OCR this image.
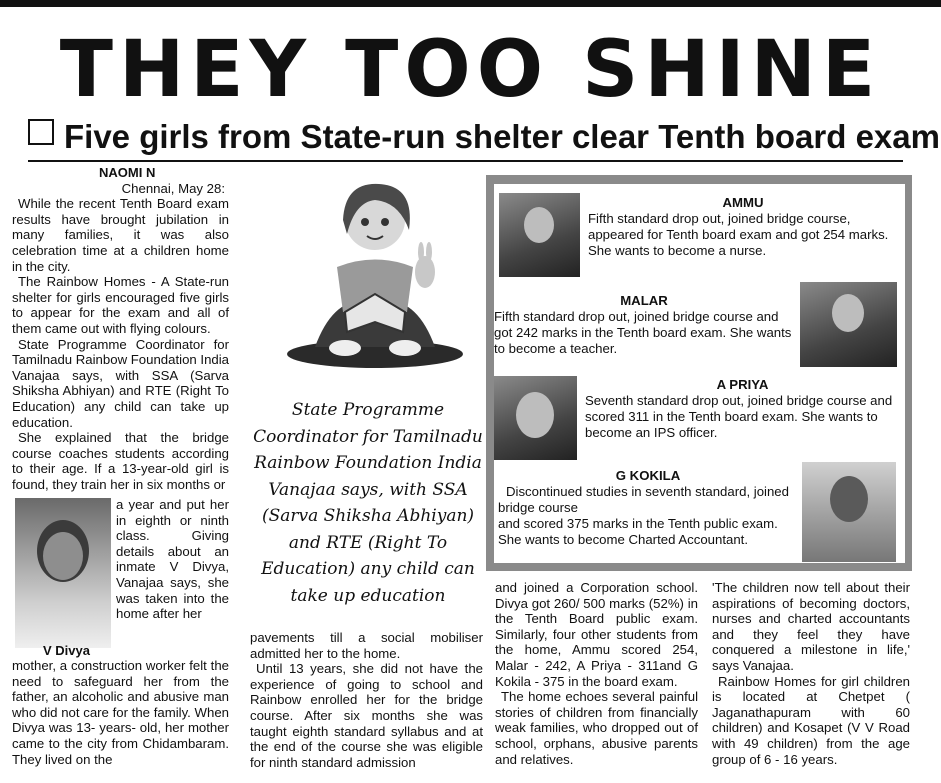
THEY TOO SHINE
Five girls from State-run shelter clear Tenth board exam
NAOMI N
Chennai, May 28:

While the recent Tenth Board exam results have brought jubilation in many families, it was also celebration time at a children home in the city.

The Rainbow Homes - A State-run shelter for girls encouraged five girls to appear for the exam and all of them came out with flying colours.

State Programme Coordinator for Tamilnadu Rainbow Foundation India Vanajaa says, with SSA (Sarva Shiksha Abhiyan) and RTE (Right To Education) any child can take up education.

She explained that the bridge course coaches students according to their age. If a 13-year-old girl is found, they train her in six months or

V Divya
a year and put her in eighth or ninth class. Giving details about an inmate V Divya, Vanajaa says, she was taken into the home after her

mother, a construction worker felt the need to safeguard her from the father, an alcoholic and abusive man who did not care for the family. When Divya was 13- years- old, her mother came to the city from Chidambaram. They lived on the

State Programme Coordinator for Tamilnadu Rainbow Foundation India Vanajaa says, with SSA (Sarva Shiksha Abhiyan) and RTE (Right To Education) any child can take up education

pavements till a social mobiliser admitted her to the home.

Until 13 years, she did not have the experience of going to school and Rainbow enrolled her for the bridge course. After six months she was taught eighth standard syllabus and at the end of the course she was eligible for ninth standard admission

AMMU
Fifth standard drop out, joined bridge course, appeared for Tenth board exam and got 254 marks. She wants to become a nurse.
MALAR
Fifth standard drop out, joined bridge course and got 242 marks in the Tenth board exam. She wants to become a teacher.
A PRIYA
Seventh standard drop out, joined bridge course and scored 311 in the Tenth board exam. She wants to become an IPS officer.
G KOKILA
Discontinued studies in seventh standard, joined bridge course
and scored 375 marks in the Tenth public exam. She wants to become Charted Accountant.

and joined a Corporation school. Divya got 260/ 500 marks (52%) in the Tenth Board public exam. Similarly, four other students from the home, Ammu scored 254, Malar - 242, A Priya - 311and G Kokila - 375 in the board exam.

The home echoes several painful stories of children from financially weak families, who dropped out of school, orphans, abusive parents and relatives.

'The children now tell about their aspirations of becoming doctors, nurses and charted accountants and they feel they have conquered a milestone in life,' says Vanajaa.

Rainbow Homes for girl children is located at Chetpet ( Jaganathapuram with 60 children) and Kosapet (V V Road with 49 children) from the age group of 6 - 16 years.
